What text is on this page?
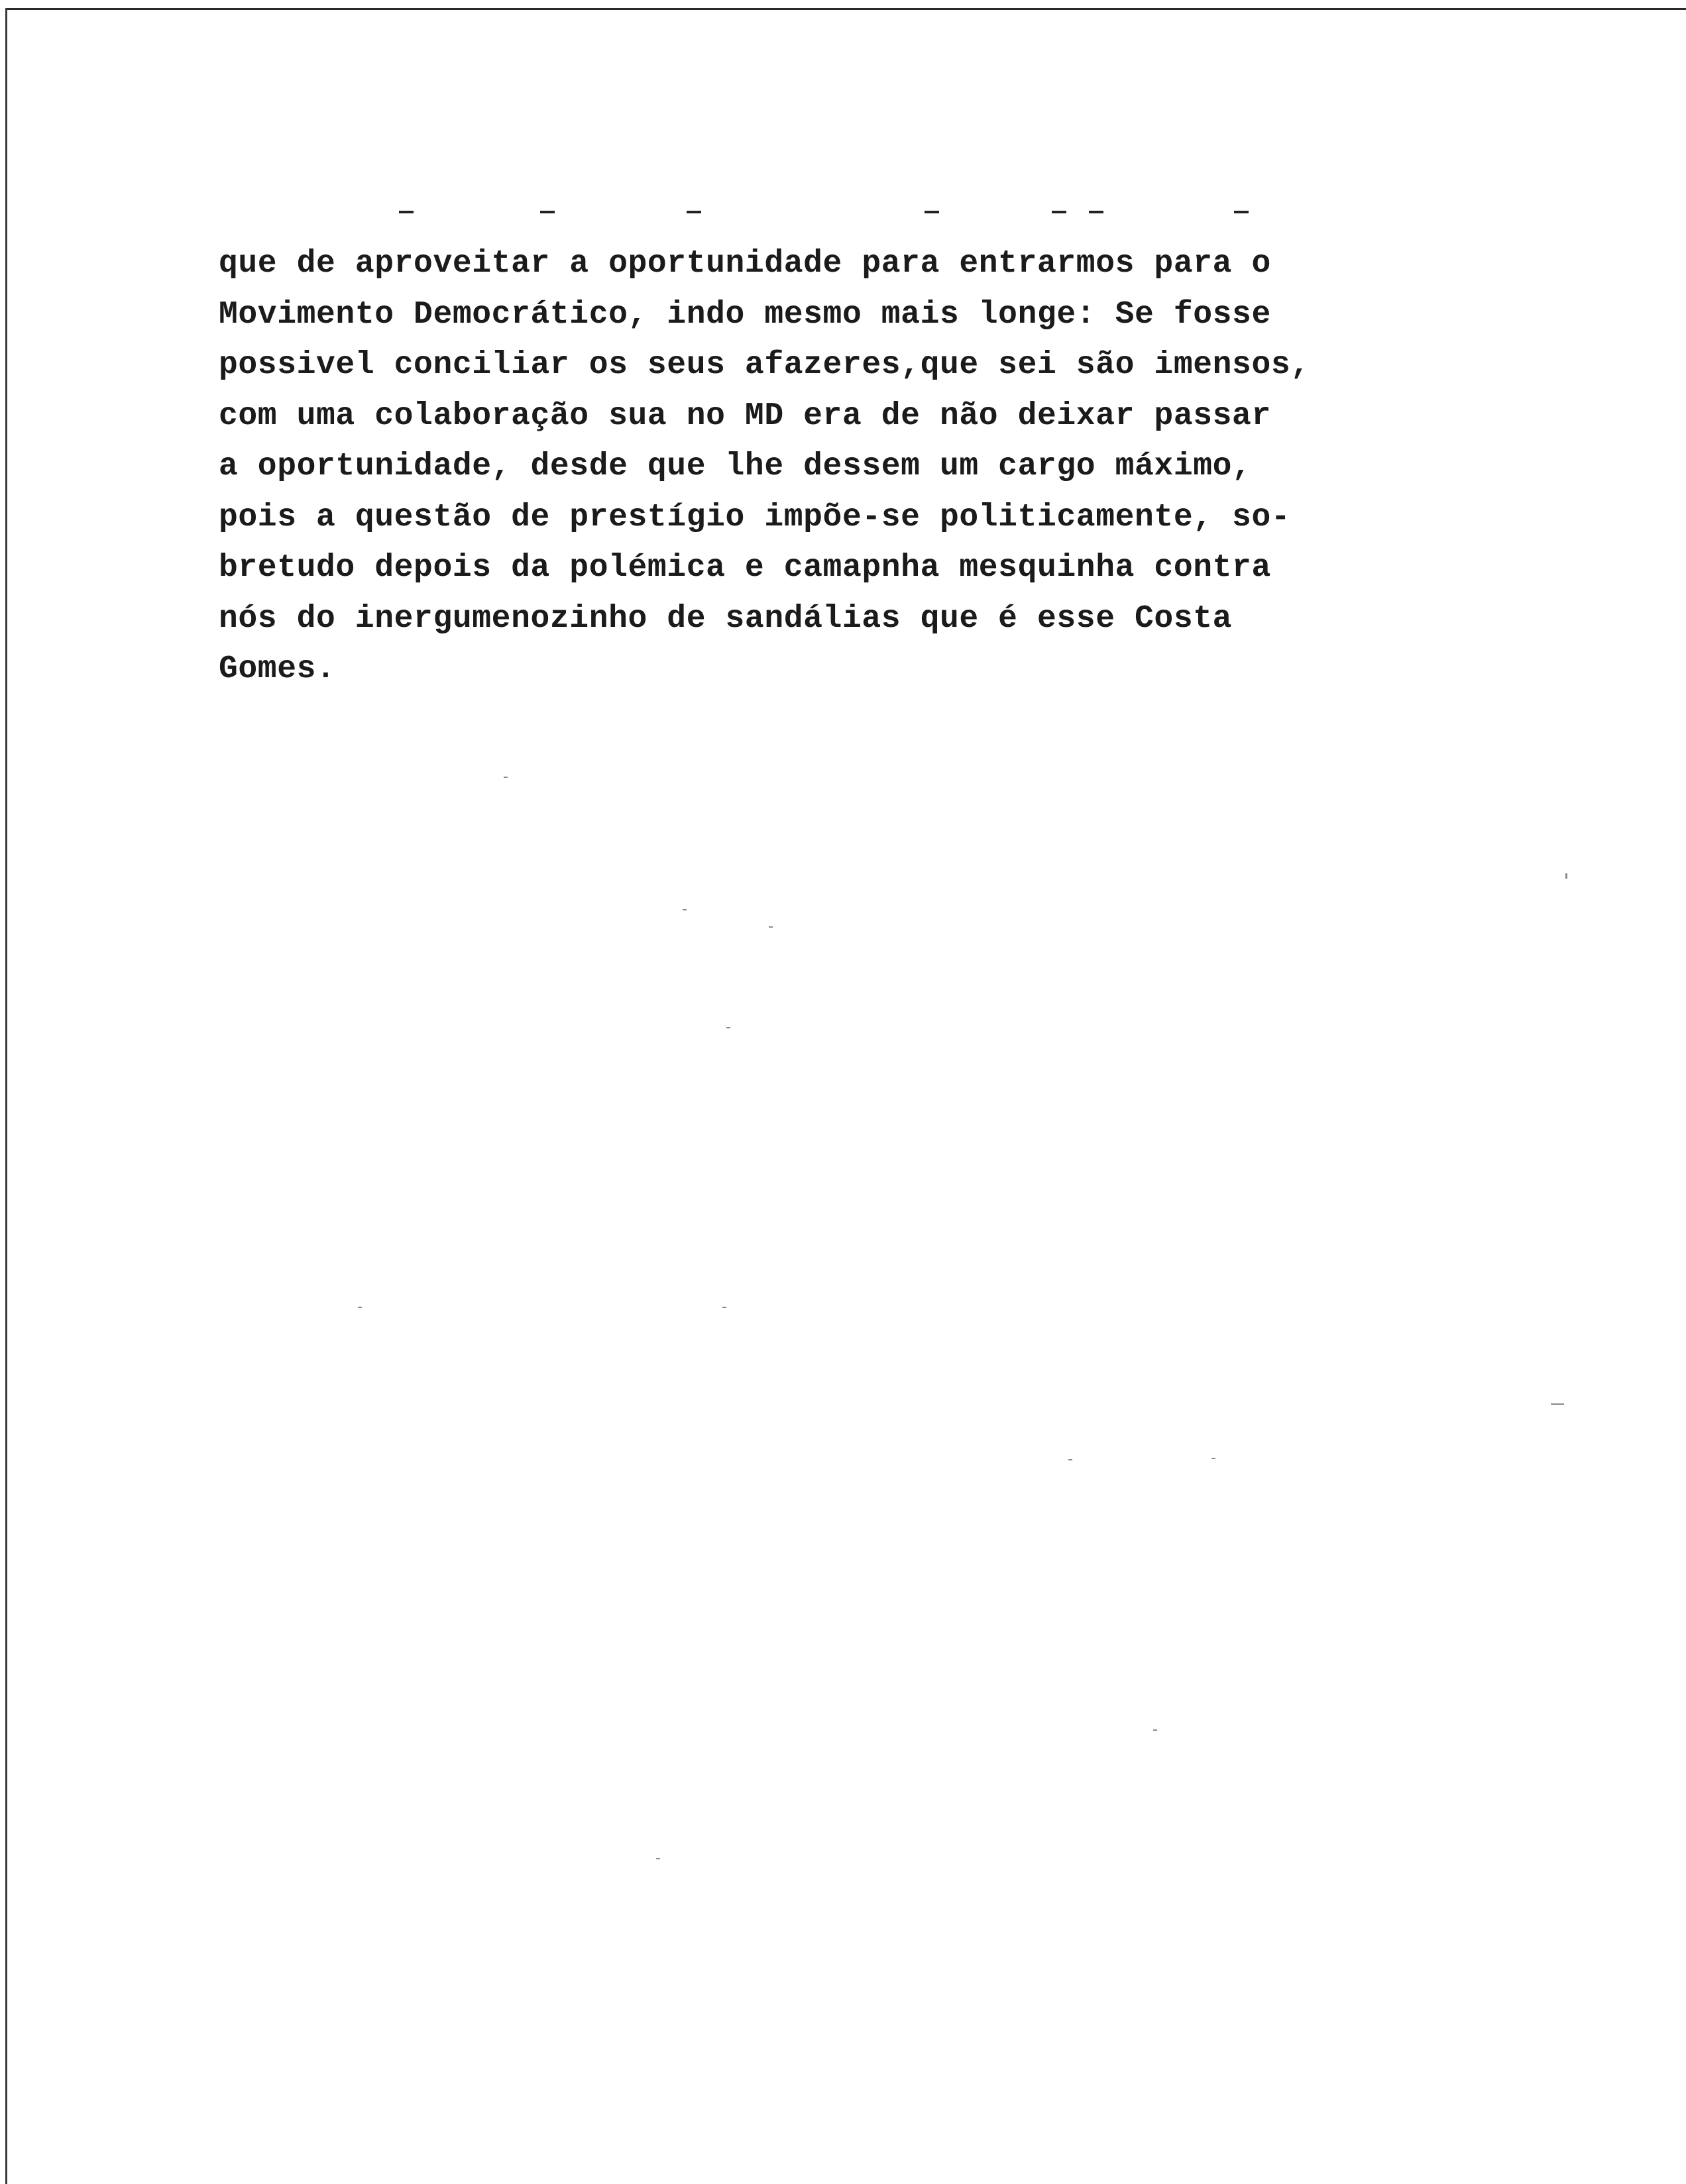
que de aproveitar a oportunidade para entrarmos para o
Movimento Democrático, indo mesmo mais longe: Se fosse
possivel conciliar os seus afazeres,que sei são imensos,
com uma colaboração sua no MD era de não deixar passar
a oportunidade, desde que lhe dessem um cargo máximo,
pois a questão de prestígio impõe-se politicamente, so-
bretudo depois da polémica e camapnha mesquinha contra
nós do inergumenozinho de sandálias que é esse Costa
Gomes.
